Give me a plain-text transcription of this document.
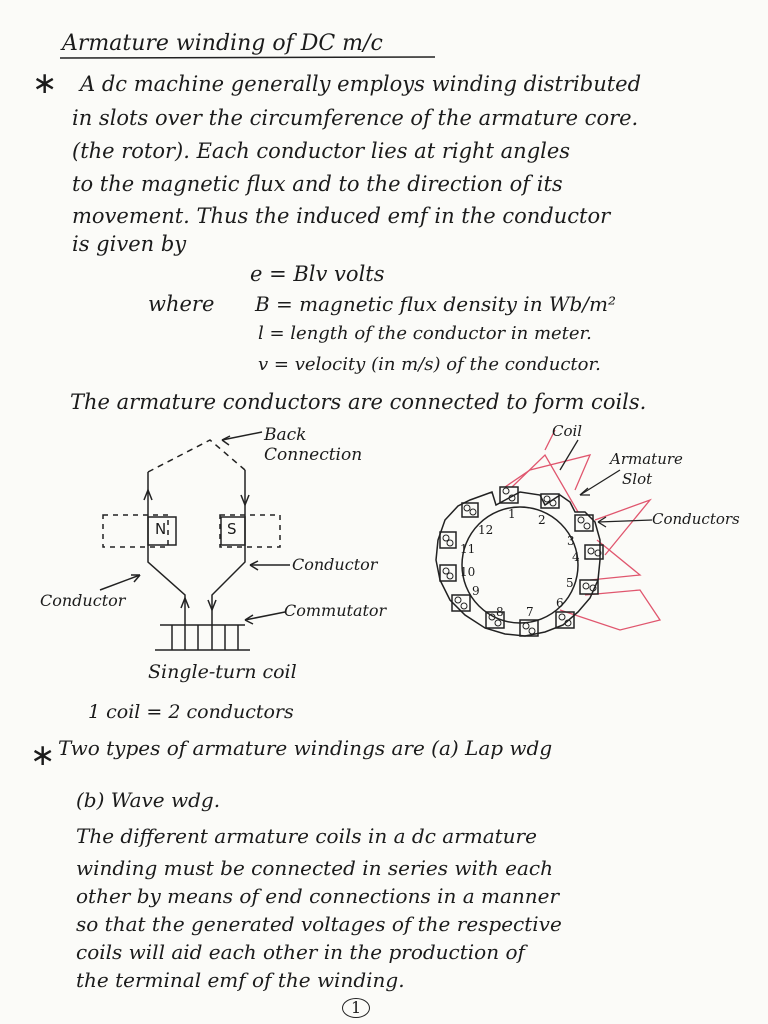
Armature winding of DC m/c
∗ A dc machine generally employs winding distributed
in slots over the circumference of the armature core.
(the rotor). Each conductor lies at right angles
to the magnetic flux and to the direction of its
movement. Thus the induced emf in the conductor
is given by
e = Blv volts
where B = magnetic flux density in Wb/m²
l = length of the conductor in meter.
v = velocity (in m/s) of the conductor.
The armature conductors are connected to form coils.
Back
Connection
N	S
Conductor
Conductor
Commutator
Single-turn coil
Coil
Armature
Slot
Conductors
1 2
3
4
5
6
7
8
9
10
11
12
1 coil = 2 conductors
∗ Two types of armature windings are (a) Lap wdg
(b) Wave wdg.
The different armature coils in a dc armature
winding must be connected in series with each
other by means of end connections in a manner
so that the generated voltages of the respective
coils will aid each other in the production of
the terminal emf of the winding.
1
